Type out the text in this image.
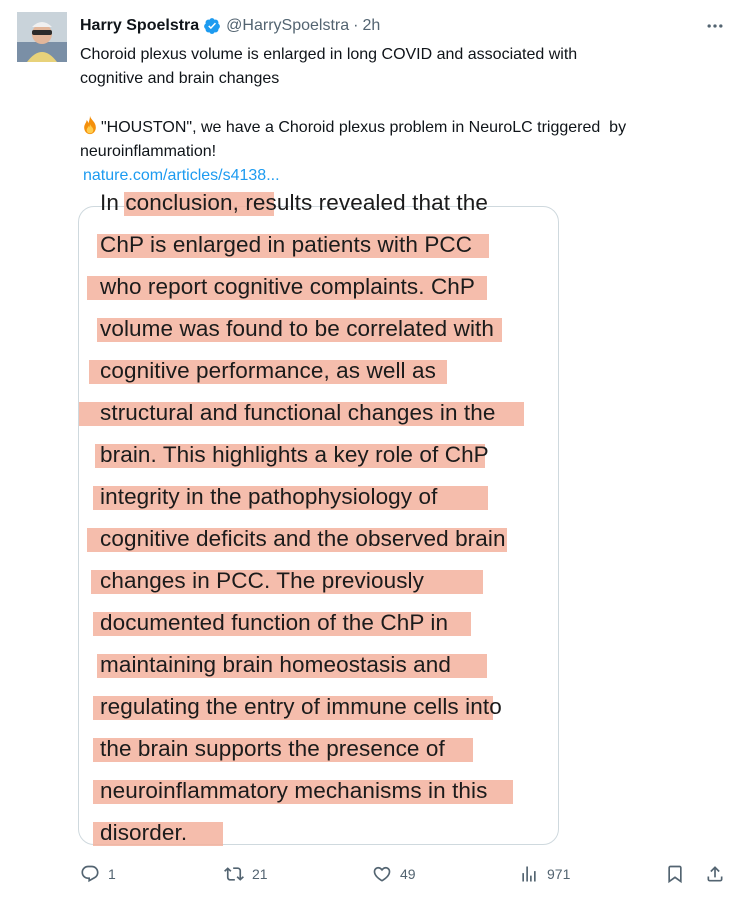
Harry Spoelstra @HarrySpoelstra · 2h
Choroid plexus volume is enlarged in long COVID and associated with
cognitive and brain changes
"HOUSTON", we have a Choroid plexus problem in NeuroLC triggered  by
neuroinflammation!
nature.com/articles/s4138...
In conclusion, results revealed that the
ChP is enlarged in patients with PCC
who report cognitive complaints. ChP
volume was found to be correlated with
cognitive performance, as well as
structural and functional changes in the
brain. This highlights a key role of ChP
integrity in the pathophysiology of
cognitive deficits and the observed brain
changes in PCC. The previously
documented function of the ChP in
maintaining brain homeostasis and
regulating the entry of immune cells into
the brain supports the presence of
neuroinflammatory mechanisms in this
disorder.
1	21	49	971
